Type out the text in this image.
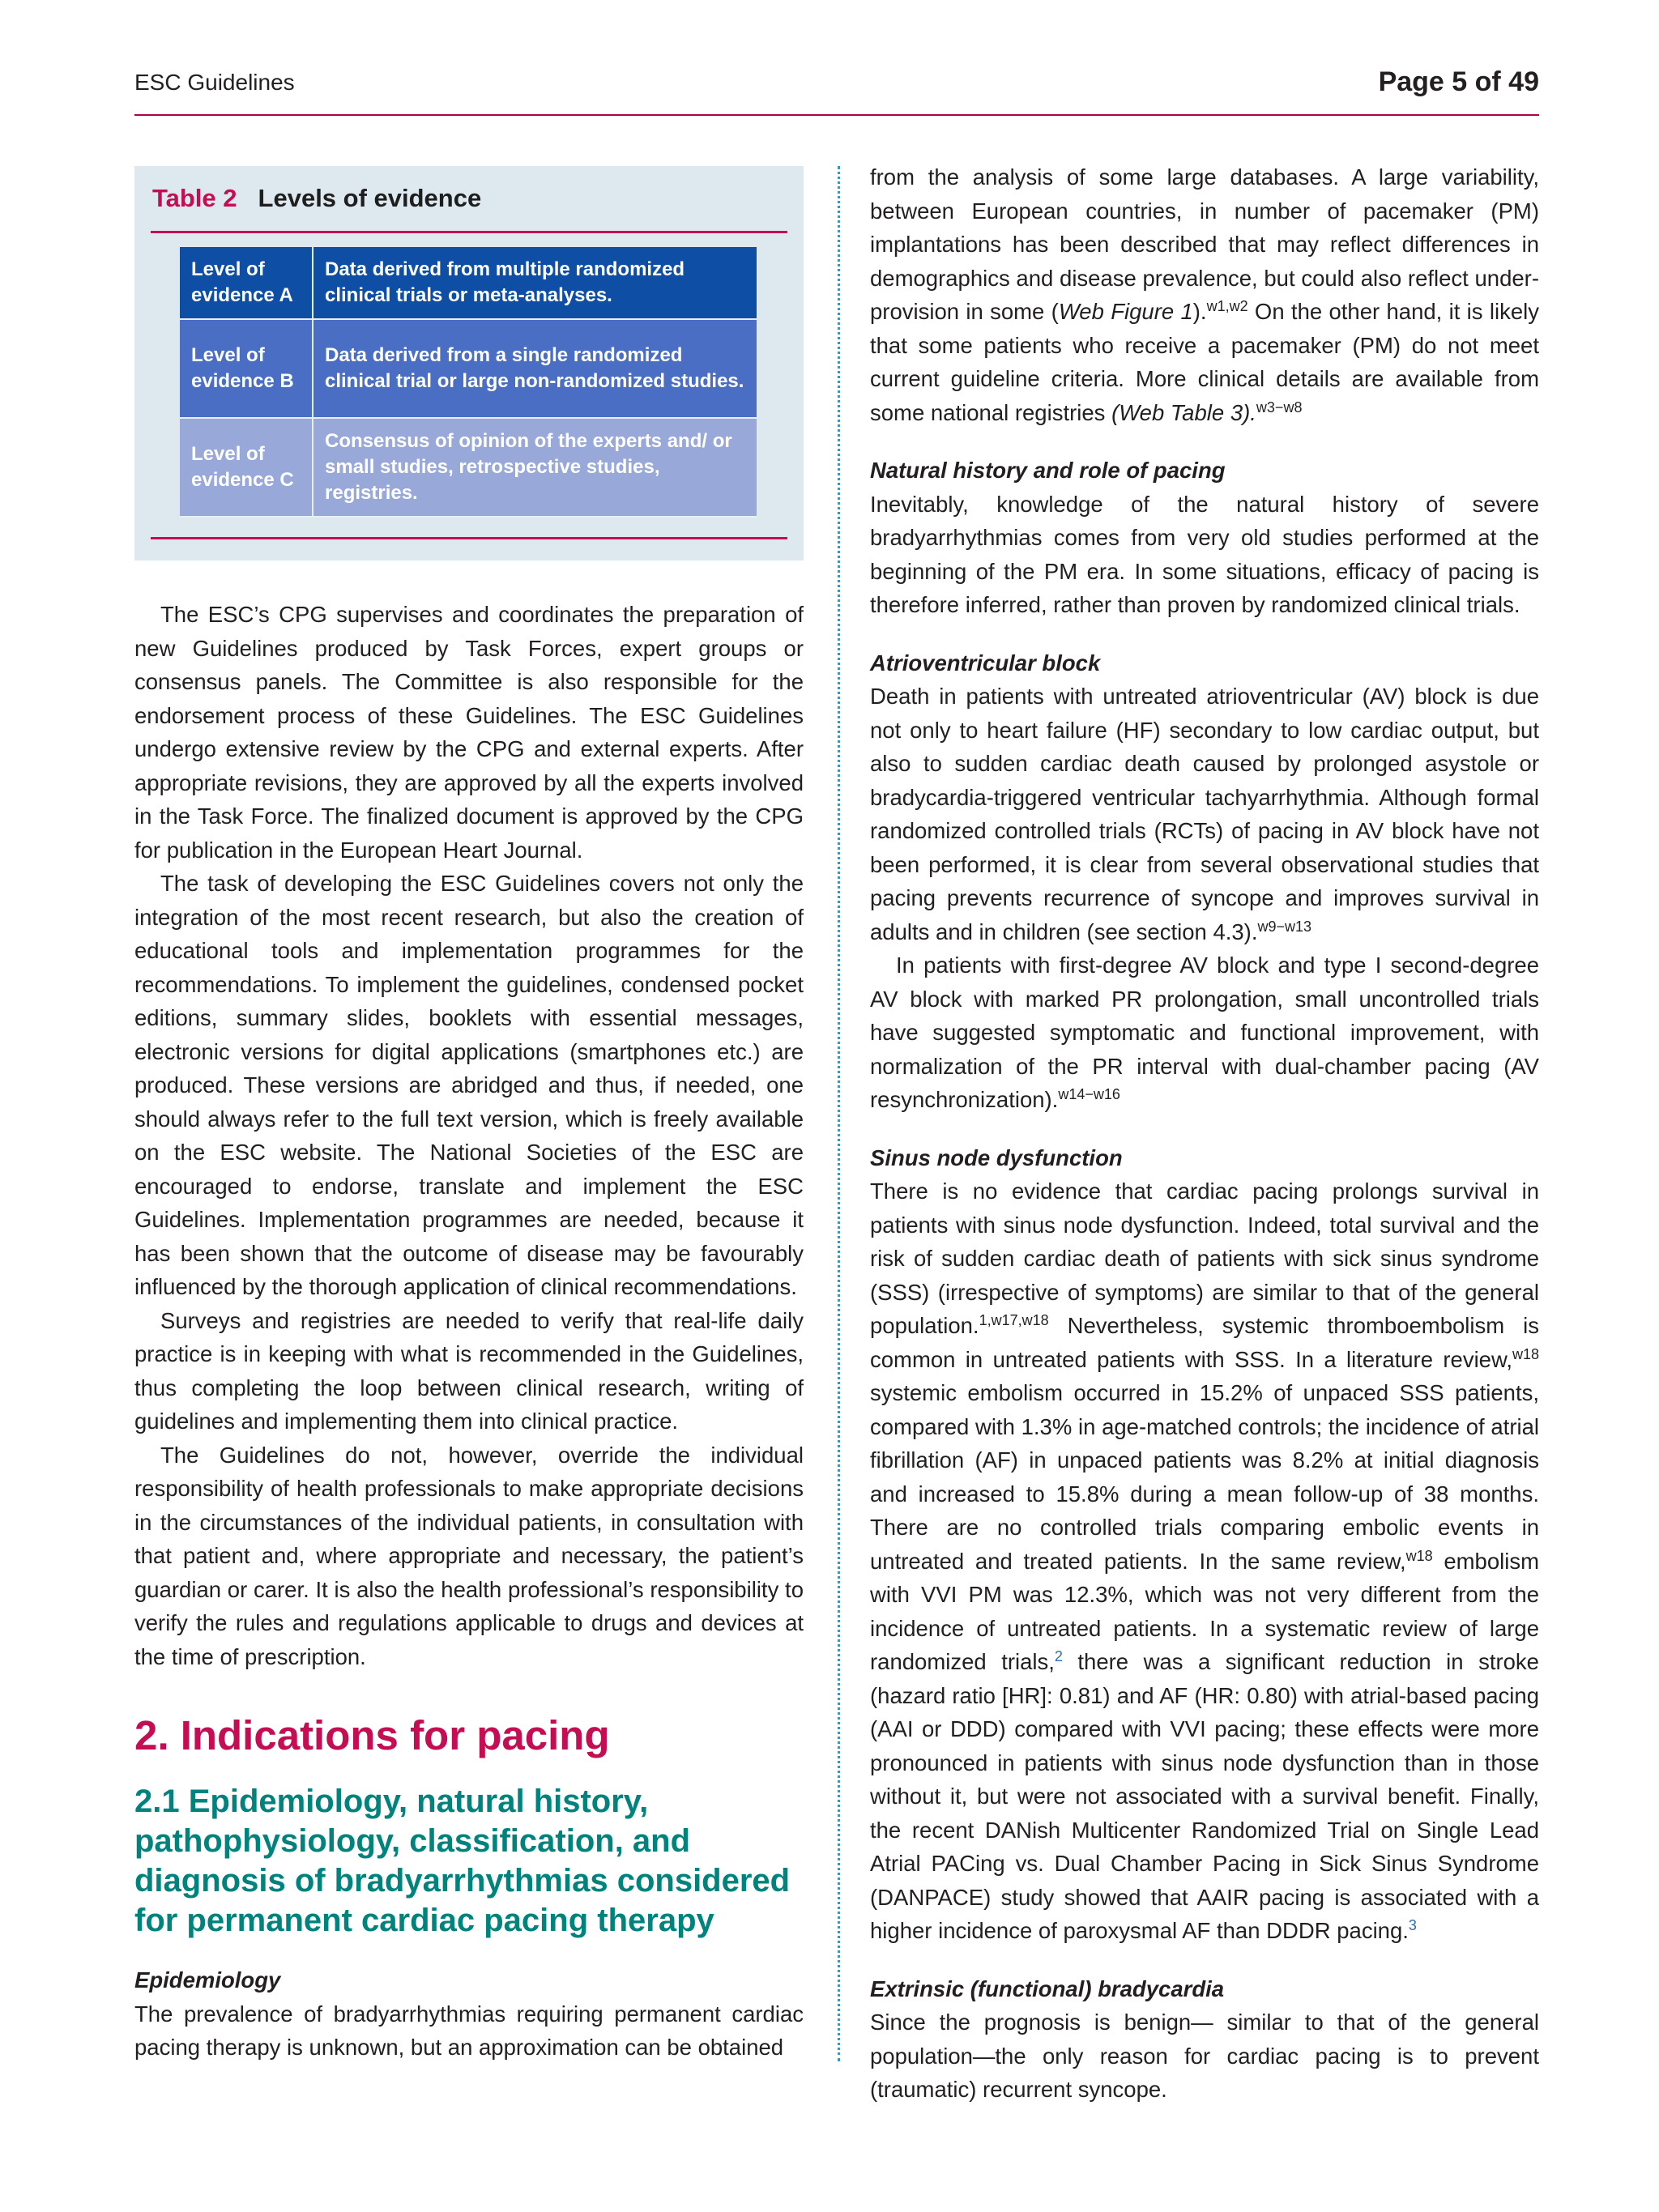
ESC Guidelines	Page 5 of 49
Table 2 Levels of evidence
Level of evidence A
Data derived from multiple randomized clinical trials or meta-analyses.
Level of evidence B
Data derived from a single randomized clinical trial or large non-randomized studies.
Level of evidence C
Consensus of opinion of the experts and/ or small studies, retrospective studies, registries.

The ESC’s CPG supervises and coordinates the preparation of new Guidelines produced by Task Forces, expert groups or consensus panels. The Committee is also responsible for the endorsement process of these Guidelines. The ESC Guidelines undergo extensive review by the CPG and external experts. After appropriate revisions, they are approved by all the experts involved in the Task Force. The finalized document is approved by the CPG for publication in the European Heart Journal.

The task of developing the ESC Guidelines covers not only the integration of the most recent research, but also the creation of educational tools and implementation programmes for the recommendations. To implement the guidelines, condensed pocket editions, summary slides, booklets with essential messages, electronic versions for digital applications (smartphones etc.) are produced. These versions are abridged and thus, if needed, one should always refer to the full text version, which is freely available on the ESC website. The National Societies of the ESC are encouraged to endorse, translate and implement the ESC Guidelines. Implementation programmes are needed, because it has been shown that the outcome of disease may be favourably influenced by the thorough application of clinical recommendations.

Surveys and registries are needed to verify that real-life daily practice is in keeping with what is recommended in the Guidelines, thus completing the loop between clinical research, writing of guidelines and implementing them into clinical practice.

The Guidelines do not, however, override the individual responsibility of health professionals to make appropriate decisions in the circumstances of the individual patients, in consultation with that patient and, where appropriate and necessary, the patient’s guardian or carer. It is also the health professional’s responsibility to verify the rules and regulations applicable to drugs and devices at the time of prescription.

2. Indications for pacing
2.1 Epidemiology, natural history, pathophysiology, classification, and diagnosis of bradyarrhythmias considered for permanent cardiac pacing therapy

Epidemiology

The prevalence of bradyarrhythmias requiring permanent cardiac pacing therapy is unknown, but an approximation can be obtained

from the analysis of some large databases. A large variability, between European countries, in number of pacemaker (PM) implantations has been described that may reflect differences in demographics and disease prevalence, but could also reflect under-provision in some (Web Figure 1).$^{w1,w2}$ On the other hand, it is likely that some patients who receive a pacemaker (PM) do not meet current guideline criteria. More clinical details are available from some national registries (Web Table 3).$^{w3-w8}$

Natural history and role of pacing

Inevitably, knowledge of the natural history of severe bradyarrhythmias comes from very old studies performed at the beginning of the PM era. In some situations, efficacy of pacing is therefore inferred, rather than proven by randomized clinical trials.

Atrioventricular block

Death in patients with untreated atrioventricular (AV) block is due not only to heart failure (HF) secondary to low cardiac output, but also to sudden cardiac death caused by prolonged asystole or bradycardia-triggered ventricular tachyarrhythmia. Although formal randomized controlled trials (RCTs) of pacing in AV block have not been performed, it is clear from several observational studies that pacing prevents recurrence of syncope and improves survival in adults and in children (see section 4.3).$^{w9-w13}$

In patients with first-degree AV block and type I second-degree AV block with marked PR prolongation, small uncontrolled trials have suggested symptomatic and functional improvement, with normalization of the PR interval with dual-chamber pacing (AV resynchronization).$^{w14-w16}$

Sinus node dysfunction

There is no evidence that cardiac pacing prolongs survival in patients with sinus node dysfunction. Indeed, total survival and the risk of sudden cardiac death of patients with sick sinus syndrome (SSS) (irrespective of symptoms) are similar to that of the general population.$^{1,w17,w18}$ Nevertheless, systemic thromboembolism is common in untreated patients with SSS. In a literature review,$^{w18}$ systemic embolism occurred in 15.2% of unpaced SSS patients, compared with 1.3% in age-matched controls; the incidence of atrial fibrillation (AF) in unpaced patients was 8.2% at initial diagnosis and increased to 15.8% during a mean follow-up of 38 months. There are no controlled trials comparing embolic events in untreated and treated patients. In the same review,$^{w18}$ embolism with VVI PM was 12.3%, which was not very different from the incidence of untreated patients. In a systematic review of large randomized trials,$^2$ there was a significant reduction in stroke (hazard ratio [HR]: 0.81) and AF (HR: 0.80) with atrial-based pacing (AAI or DDD) compared with VVI pacing; these effects were more pronounced in patients with sinus node dysfunction than in those without it, but were not associated with a survival benefit. Finally, the recent DANish Multicenter Randomized Trial on Single Lead Atrial PACing vs. Dual Chamber Pacing in Sick Sinus Syndrome (DANPACE) study showed that AAIR pacing is associated with a higher incidence of paroxysmal AF than DDDR pacing.$^3$

Extrinsic (functional) bradycardia

Since the prognosis is benign— similar to that of the general population—the only reason for cardiac pacing is to prevent (traumatic) recurrent syncope.
